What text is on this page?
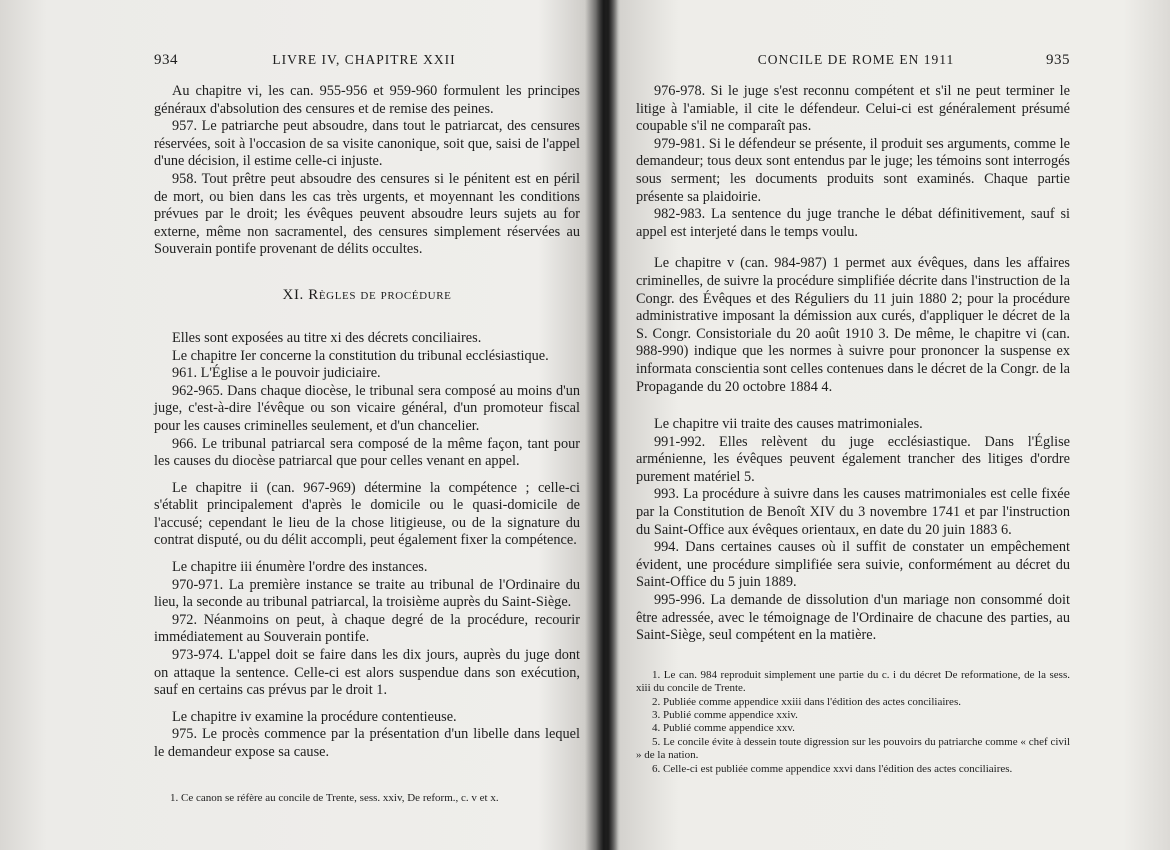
934	LIVRE IV, CHAPITRE XXII

Au chapitre vi, les can. 955-956 et 959-960 formulent les principes généraux d'absolution des censures et de remise des peines.

957. Le patriarche peut absoudre, dans tout le patriarcat, des censures réservées, soit à l'occasion de sa visite canonique, soit que, saisi de l'appel d'une décision, il estime celle-ci injuste.

958. Tout prêtre peut absoudre des censures si le pénitent est en péril de mort, ou bien dans les cas très urgents, et moyennant les conditions prévues par le droit; les évêques peuvent absoudre leurs sujets au for externe, même non sacramentel, des censures simplement réservées au Souverain pontife provenant de délits occultes.

XI. Règles de procédure

Elles sont exposées au titre xi des décrets conciliaires.

Le chapitre Ier concerne la constitution du tribunal ecclésiastique.

961. L'Église a le pouvoir judiciaire.

962-965. Dans chaque diocèse, le tribunal sera composé au moins d'un juge, c'est-à-dire l'évêque ou son vicaire général, d'un promoteur fiscal pour les causes criminelles seulement, et d'un chancelier.

966. Le tribunal patriarcal sera composé de la même façon, tant pour les causes du diocèse patriarcal que pour celles venant en appel.

Le chapitre ii (can. 967-969) détermine la compétence ; celle-ci s'établit principalement d'après le domicile ou le quasi-domicile de l'accusé; cependant le lieu de la chose litigieuse, ou de la signature du contrat disputé, ou du délit accompli, peut également fixer la compétence.

Le chapitre iii énumère l'ordre des instances.

970-971. La première instance se traite au tribunal de l'Ordinaire du lieu, la seconde au tribunal patriarcal, la troisième auprès du Saint-Siège.

972. Néanmoins on peut, à chaque degré de la procédure, recourir immédiatement au Souverain pontife.

973-974. L'appel doit se faire dans les dix jours, auprès du juge dont on attaque la sentence. Celle-ci est alors suspendue dans son exécution, sauf en certains cas prévus par le droit 1.

Le chapitre iv examine la procédure contentieuse.

975. Le procès commence par la présentation d'un libelle dans lequel le demandeur expose sa cause.

1. Ce canon se réfère au concile de Trente, sess. xxiv, De reform., c. v et x.

CONCILE DE ROME EN 1911	935

976-978. Si le juge s'est reconnu compétent et s'il ne peut terminer le litige à l'amiable, il cite le défendeur. Celui-ci est généralement présumé coupable s'il ne comparaît pas.

979-981. Si le défendeur se présente, il produit ses arguments, comme le demandeur; tous deux sont entendus par le juge; les témoins sont interrogés sous serment; les documents produits sont examinés. Chaque partie présente sa plaidoirie.

982-983. La sentence du juge tranche le débat définitivement, sauf si appel est interjeté dans le temps voulu.

Le chapitre v (can. 984-987) 1 permet aux évêques, dans les affaires criminelles, de suivre la procédure simplifiée décrite dans l'instruction de la Congr. des Évêques et des Réguliers du 11 juin 1880 2; pour la procédure administrative imposant la démission aux curés, d'appliquer le décret de la S. Congr. Consistoriale du 20 août 1910 3. De même, le chapitre vi (can. 988-990) indique que les normes à suivre pour prononcer la suspense ex informata conscientia sont celles contenues dans le décret de la Congr. de la Propagande du 20 octobre 1884 4.

Le chapitre vii traite des causes matrimoniales.

991-992. Elles relèvent du juge ecclésiastique. Dans l'Église arménienne, les évêques peuvent également trancher des litiges d'ordre purement matériel 5.

993. La procédure à suivre dans les causes matrimoniales est celle fixée par la Constitution de Benoît XIV du 3 novembre 1741 et par l'instruction du Saint-Office aux évêques orientaux, en date du 20 juin 1883 6.

994. Dans certaines causes où il suffit de constater un empêchement évident, une procédure simplifiée sera suivie, conformément au décret du Saint-Office du 5 juin 1889.

995-996. La demande de dissolution d'un mariage non consommé doit être adressée, avec le témoignage de l'Ordinaire de chacune des parties, au Saint-Siège, seul compétent en la matière.

1. Le can. 984 reproduit simplement une partie du c. i du décret De reformatione, de la sess. xiii du concile de Trente.

2. Publiée comme appendice xxiii dans l'édition des actes conciliaires.

3. Publié comme appendice xxiv.

4. Publié comme appendice xxv.

5. Le concile évite à dessein toute digression sur les pouvoirs du patriarche comme « chef civil » de la nation.

6. Celle-ci est publiée comme appendice xxvi dans l'édition des actes conciliaires.
